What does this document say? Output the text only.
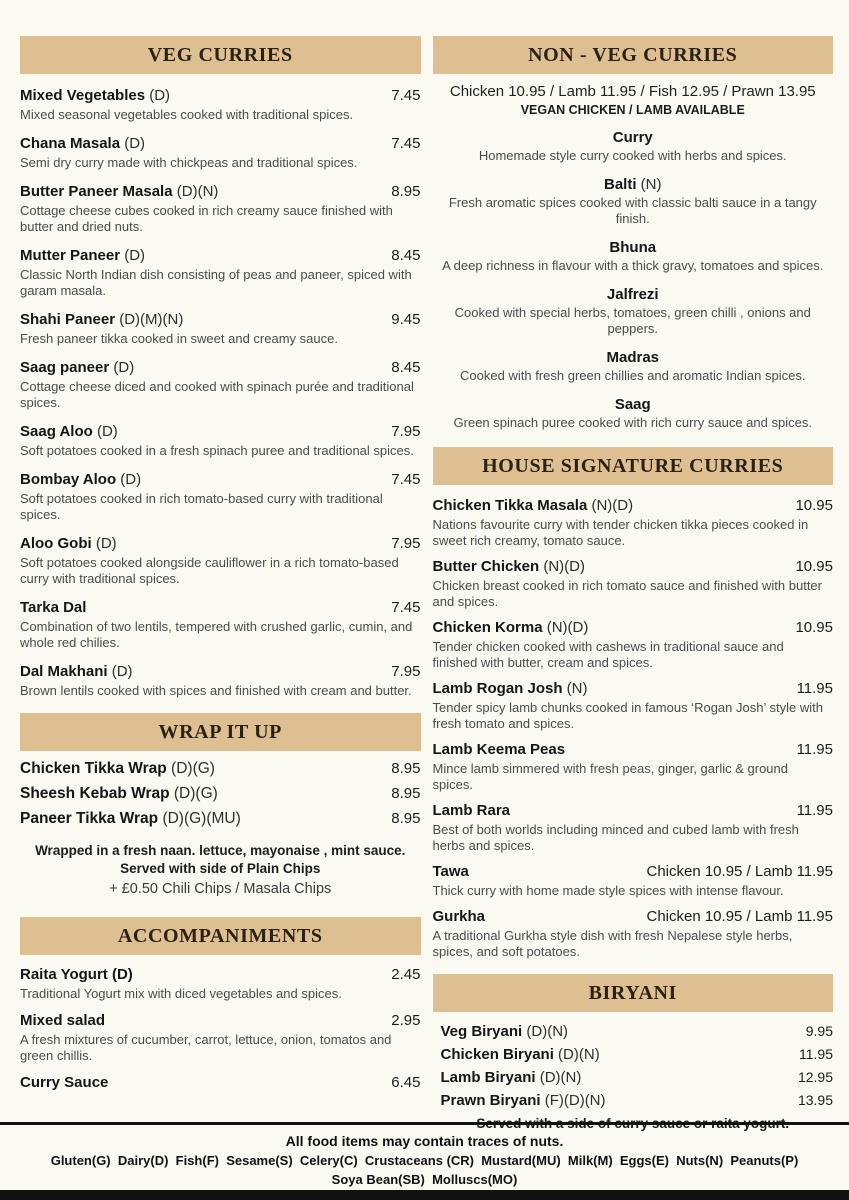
VEG CURRIES
Mixed Vegetables (D)	7.45
Mixed seasonal vegetables cooked with traditional spices.
Chana Masala (D)	7.45
Semi dry curry made with chickpeas and traditional spices.
Butter Paneer Masala (D)(N)	8.95
Cottage cheese cubes cooked in rich creamy sauce finished with butter and dried nuts.
Mutter Paneer (D)	8.45
Classic North Indian dish consisting of peas and paneer, spiced with garam masala.
Shahi Paneer (D)(M)(N)	9.45
Fresh paneer tikka cooked in sweet and creamy sauce.
Saag paneer (D)	8.45
Cottage cheese diced and cooked with spinach purée and traditional spices.
Saag Aloo (D)	7.95
Soft potatoes cooked in a fresh spinach puree and traditional spices.
Bombay Aloo (D)	7.45
Soft potatoes cooked in rich tomato-based curry with traditional spices.
Aloo Gobi (D)	7.95
Soft potatoes cooked alongside cauliflower in a rich tomato-based curry with traditional spices.
Tarka Dal	7.45
Combination of two lentils, tempered with crushed garlic, cumin, and whole red chilies.
Dal Makhani (D)	7.95
Brown lentils cooked with spices and finished with cream and butter.
WRAP IT UP
Chicken Tikka Wrap (D)(G)	8.95
Sheesh Kebab Wrap (D)(G)	8.95
Paneer Tikka Wrap (D)(G)(MU)	8.95
Wrapped in a fresh naan. lettuce, mayonaise , mint sauce.
Served with side of Plain Chips
+ £0.50 Chili Chips / Masala Chips
ACCOMPANIMENTS
Raita Yogurt (D)	2.45
Traditional Yogurt mix with diced vegetables and spices.
Mixed salad	2.95
A fresh mixtures of cucumber, carrot, lettuce, onion, tomatos and green chillis.
Curry Sauce	6.45
NON - VEG CURRIES
Chicken 10.95 / Lamb 11.95 / Fish 12.95 / Prawn 13.95
VEGAN CHICKEN / LAMB AVAILABLE
Curry
Homemade style curry cooked with herbs and spices.
Balti (N)
Fresh aromatic spices cooked with classic balti sauce in a tangy finish.
Bhuna
A deep richness in flavour with a thick gravy, tomatoes and spices.
Jalfrezi
Cooked with special herbs, tomatoes, green chilli , onions and peppers.
Madras
Cooked with fresh green chillies and aromatic Indian spices.
Saag
Green spinach puree cooked with rich curry sauce and spices.
HOUSE SIGNATURE CURRIES
Chicken Tikka Masala (N)(D)	10.95
Nations favourite curry with tender chicken tikka pieces cooked in sweet rich creamy, tomato sauce.
Butter Chicken (N)(D)	10.95
Chicken breast cooked in rich tomato sauce and finished with butter and spices.
Chicken Korma (N)(D)	10.95
Tender chicken cooked with cashews in traditional sauce and finished with butter, cream and spices.
Lamb Rogan Josh (N)	11.95
Tender spicy lamb chunks cooked in famous ‘Rogan Josh’ style with fresh tomato and spices.
Lamb Keema Peas	11.95
Mince lamb simmered with fresh peas, ginger, garlic & ground spices.
Lamb Rara	11.95
Best of both worlds including minced and cubed lamb with fresh herbs and spices.
Tawa	Chicken 10.95 / Lamb 11.95
Thick curry with home made style spices with intense flavour.
Gurkha	Chicken 10.95 / Lamb 11.95
A traditional Gurkha style dish with fresh Nepalese style herbs, spices, and soft potatoes.
BIRYANI
Veg Biryani (D)(N)	9.95
Chicken Biryani (D)(N)	11.95
Lamb Biryani (D)(N)	12.95
Prawn Biryani (F)(D)(N)	13.95
Served with a side of curry sauce or raita yogurt.
All food items may contain traces of nuts.
Gluten(G)  Dairy(D)  Fish(F)  Sesame(S)  Celery(C)  Crustaceans (CR)  Mustard(MU)  Milk(M)  Eggs(E)  Nuts(N)  Peanuts(P)
Soya Bean(SB)  Molluscs(MO)
